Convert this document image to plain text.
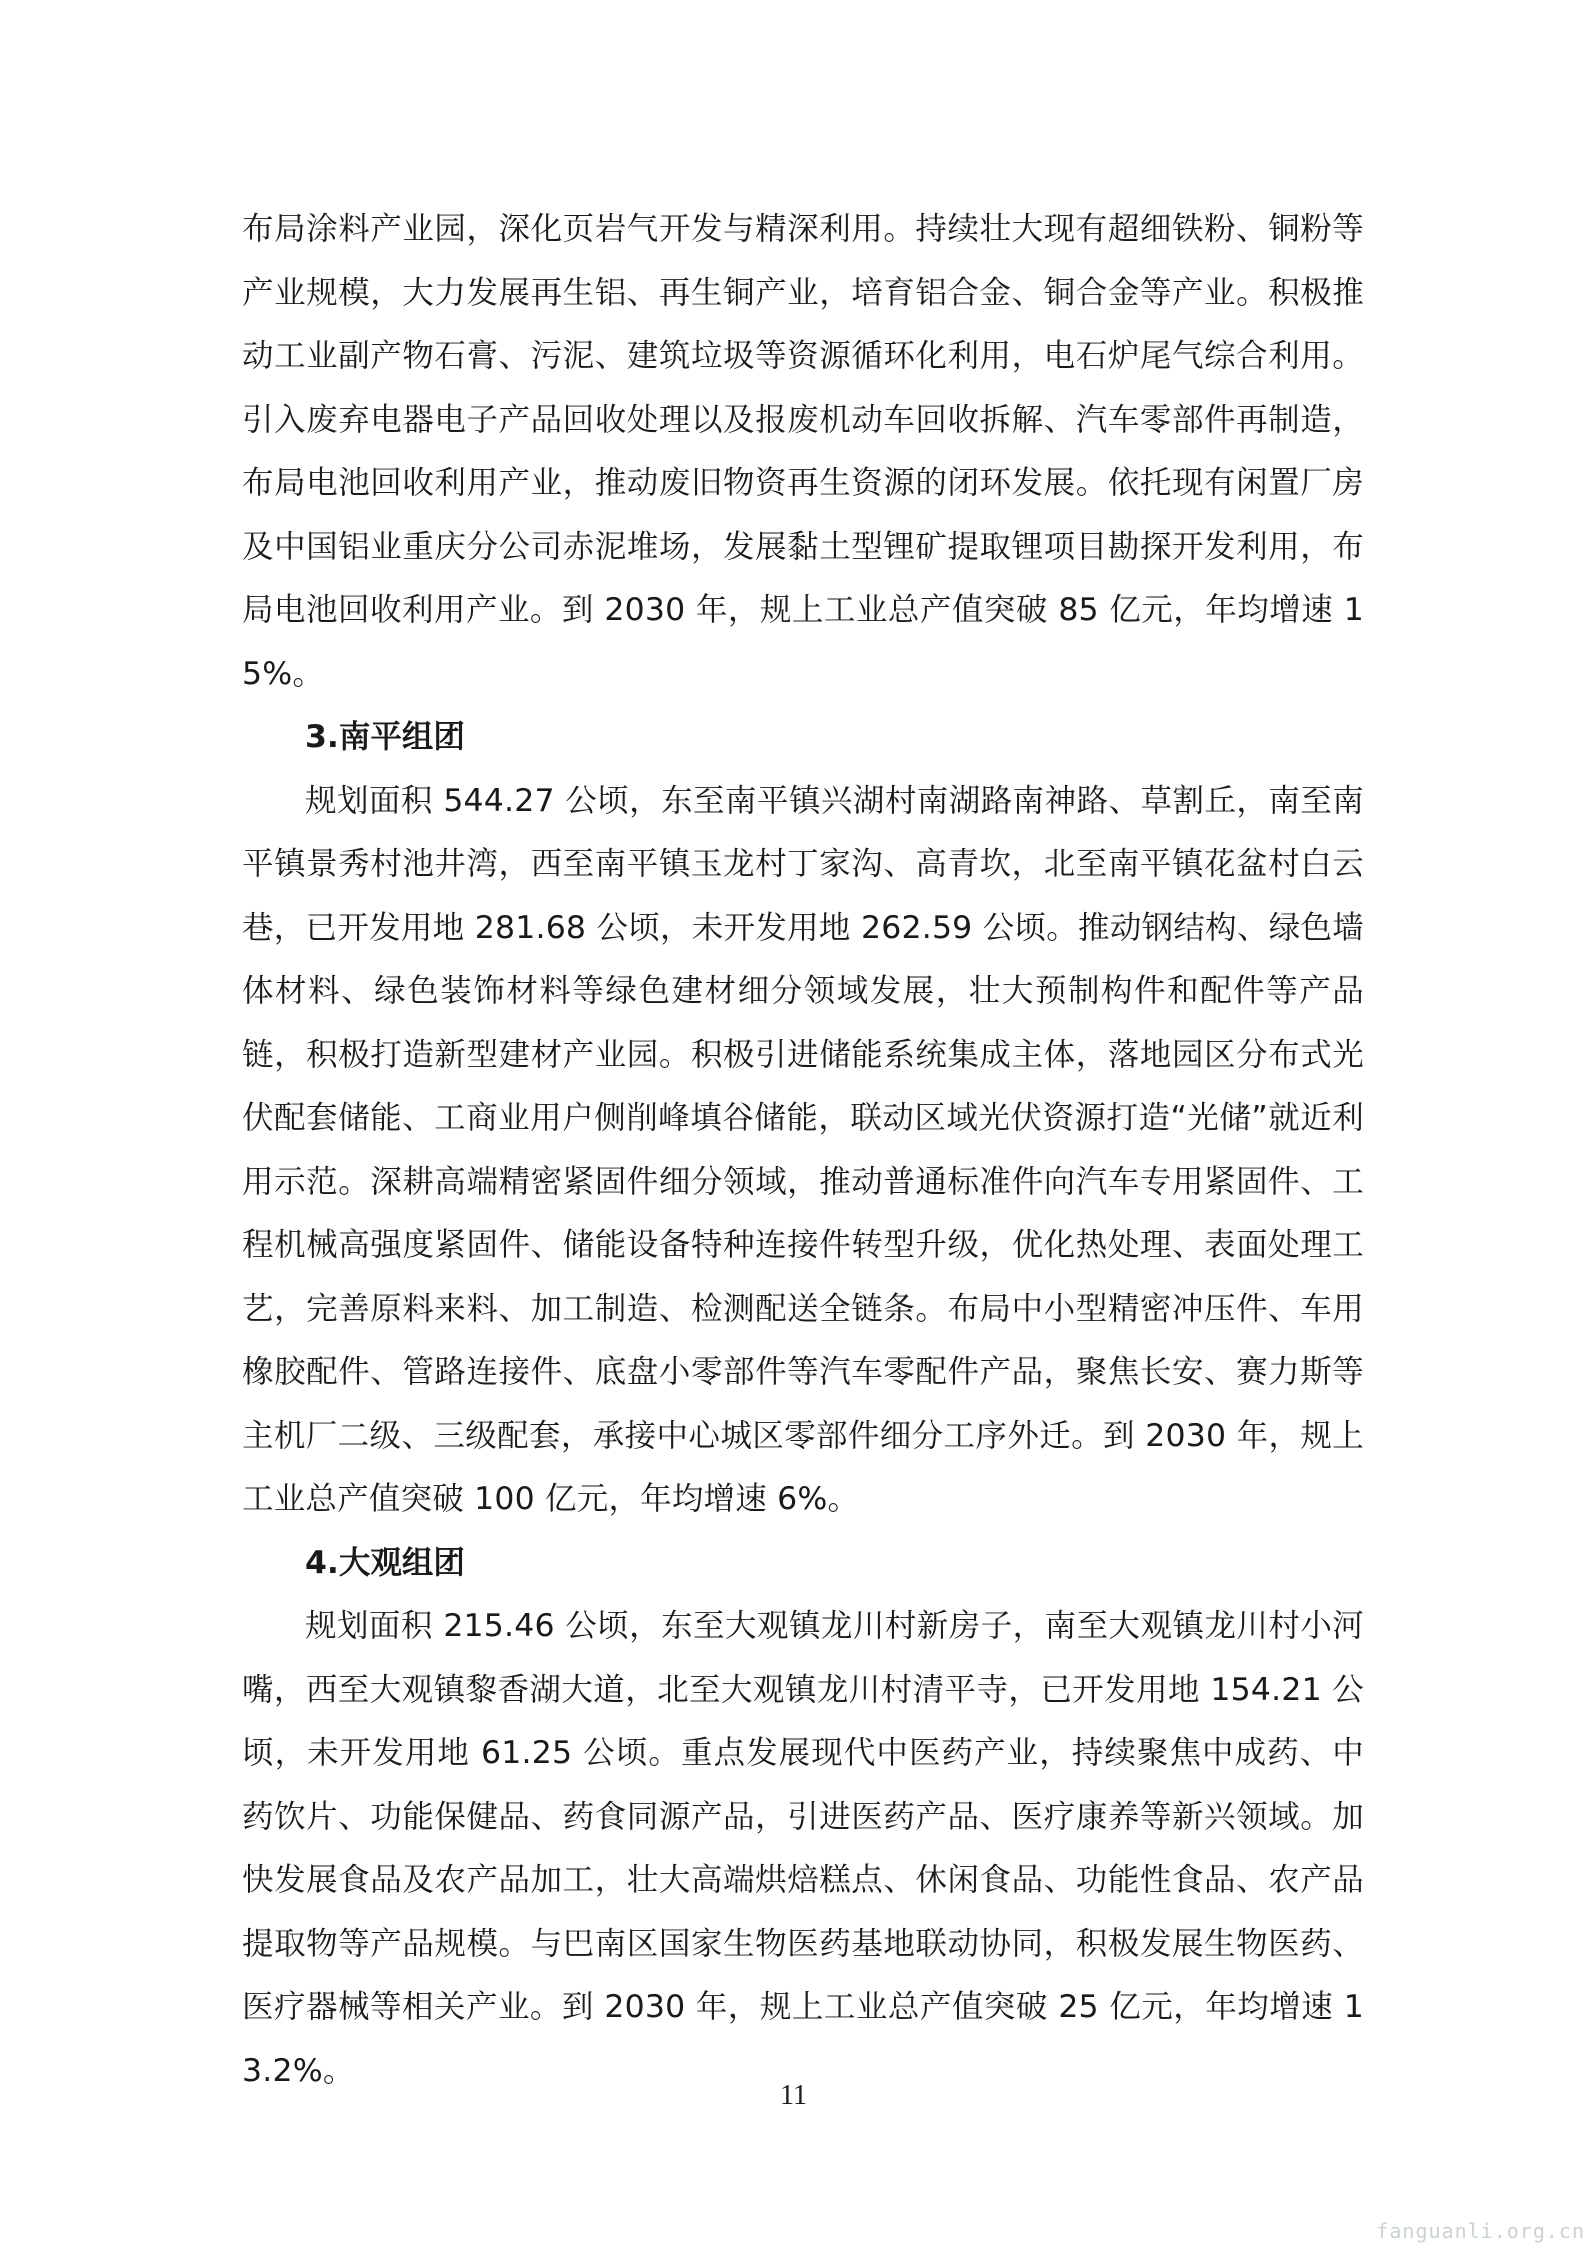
布局涂料产业园，深化页岩气开发与精深利用。持续壮大现有超细铁粉、铜粉等产业规模，大力发展再生铝、再生铜产业，培育铝合金、铜合金等产业。积极推动工业副产物石膏、污泥、建筑垃圾等资源循环化利用，电石炉尾气综合利用。引入废弃电器电子产品回收处理以及报废机动车回收拆解、汽车零部件再制造，布局电池回收利用产业，推动废旧物资再生资源的闭环发展。依托现有闲置厂房及中国铝业重庆分公司赤泥堆场，发展黏土型锂矿提取锂项目勘探开发利用，布局电池回收利用产业。到 2030 年，规上工业总产值突破 85 亿元，年均增速 15%。

3.南平组团

规划面积 544.27 公顷，东至南平镇兴湖村南湖路南神路、草割丘，南至南平镇景秀村池井湾，西至南平镇玉龙村丁家沟、高青坎，北至南平镇花盆村白云巷，已开发用地 281.68 公顷，未开发用地 262.59 公顷。推动钢结构、绿色墙体材料、绿色装饰材料等绿色建材细分领域发展，壮大预制构件和配件等产品链，积极打造新型建材产业园。积极引进储能系统集成主体，落地园区分布式光伏配套储能、工商业用户侧削峰填谷储能，联动区域光伏资源打造“光储”就近利用示范。深耕高端精密紧固件细分领域，推动普通标准件向汽车专用紧固件、工程机械高强度紧固件、储能设备特种连接件转型升级，优化热处理、表面处理工艺，完善原料来料、加工制造、检测配送全链条。布局中小型精密冲压件、车用橡胶配件、管路连接件、底盘小零部件等汽车零配件产品，聚焦长安、赛力斯等主机厂二级、三级配套，承接中心城区零部件细分工序外迁。到 2030 年，规上工业总产值突破 100 亿元，年均增速 6%。

4.大观组团

规划面积 215.46 公顷，东至大观镇龙川村新房子，南至大观镇龙川村小河嘴，西至大观镇黎香湖大道，北至大观镇龙川村清平寺，已开发用地 154.21 公顷，未开发用地 61.25 公顷。重点发展现代中医药产业，持续聚焦中成药、中药饮片、功能保健品、药食同源产品，引进医药产品、医疗康养等新兴领域。加快发展食品及农产品加工，壮大高端烘焙糕点、休闲食品、功能性食品、农产品提取物等产品规模。与巴南区国家生物医药基地联动协同，积极发展生物医药、医疗器械等相关产业。到 2030 年，规上工业总产值突破 25 亿元，年均增速 13.2%。

11
fanguanli.org.cn
